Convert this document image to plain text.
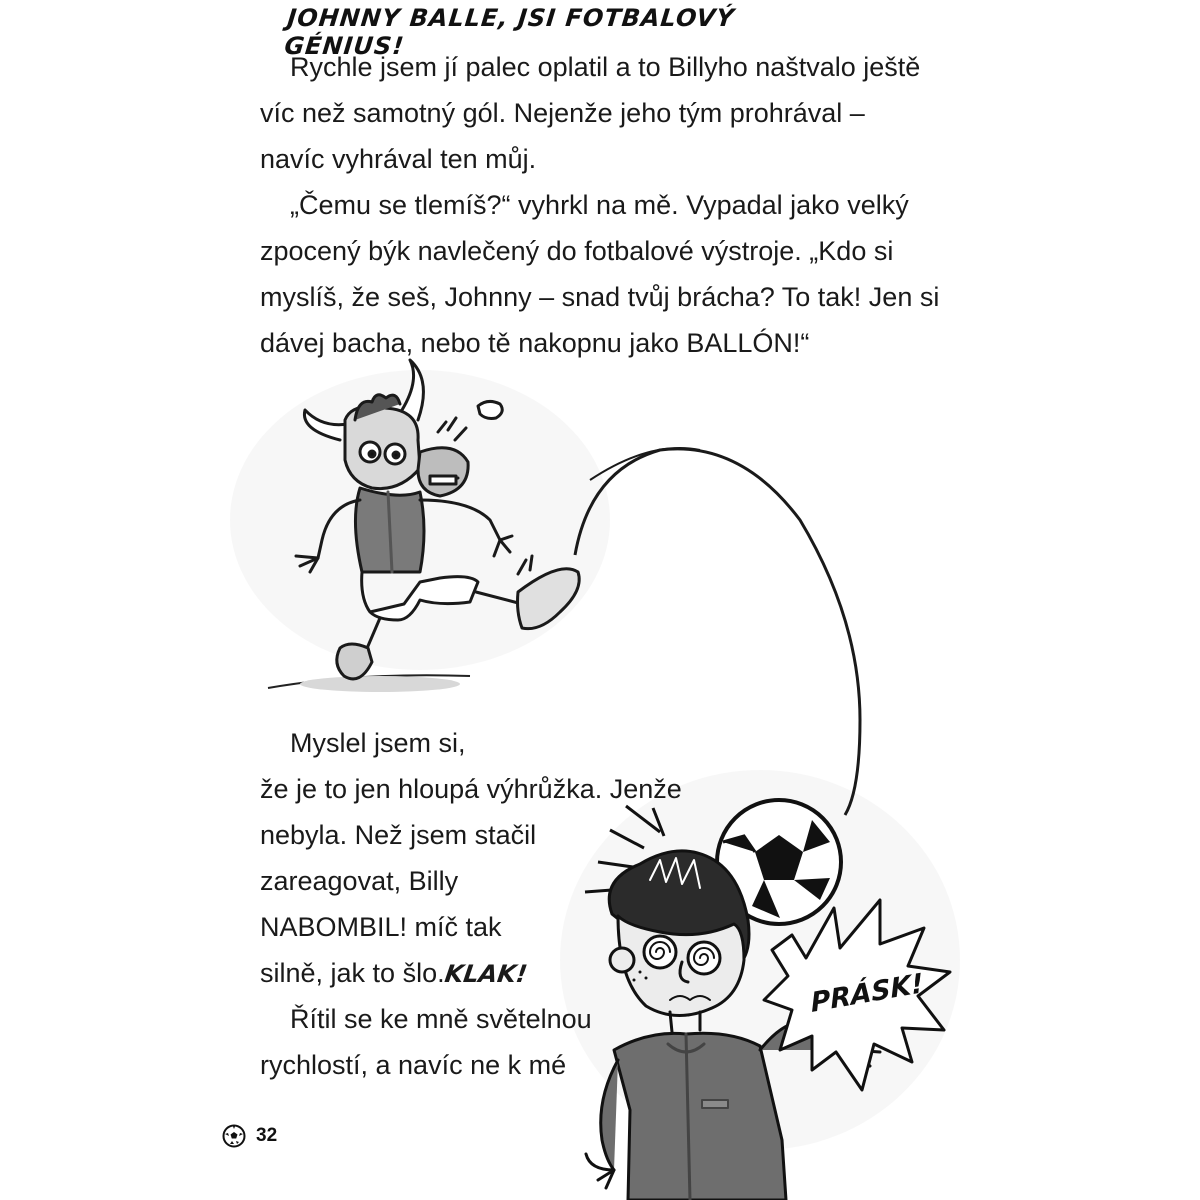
JOHNNY BALLE, JSI FOTBALOVÝ GÉNIUS!

Rychle jsem jí palec oplatil a to Billyho naštvalo ještě
víc než samotný gól. Nejenže jeho tým prohrával –
navíc vyhrával ten můj.

„Čemu se tlemíš?“ vyhrkl na mě. Vypadal jako velký
zpocený býk navlečený do fotbalové výstroje. „Kdo si
myslíš, že seš, Johnny – snad tvůj brácha? To tak! Jen si
dávej bacha, nebo tě nakopnu jako BALLÓN!“

PRÁSK!

Myslel jsem si,
že je to jen hloupá výhrůžka. Jenže
nebyla. Než jsem stačil
zareagovat, Billy
NABOMBIL! míč tak
silně, jak to šlo.KLAK!

Řítil se ke mně světelnou
rychlostí, a navíc ne k mé

32
